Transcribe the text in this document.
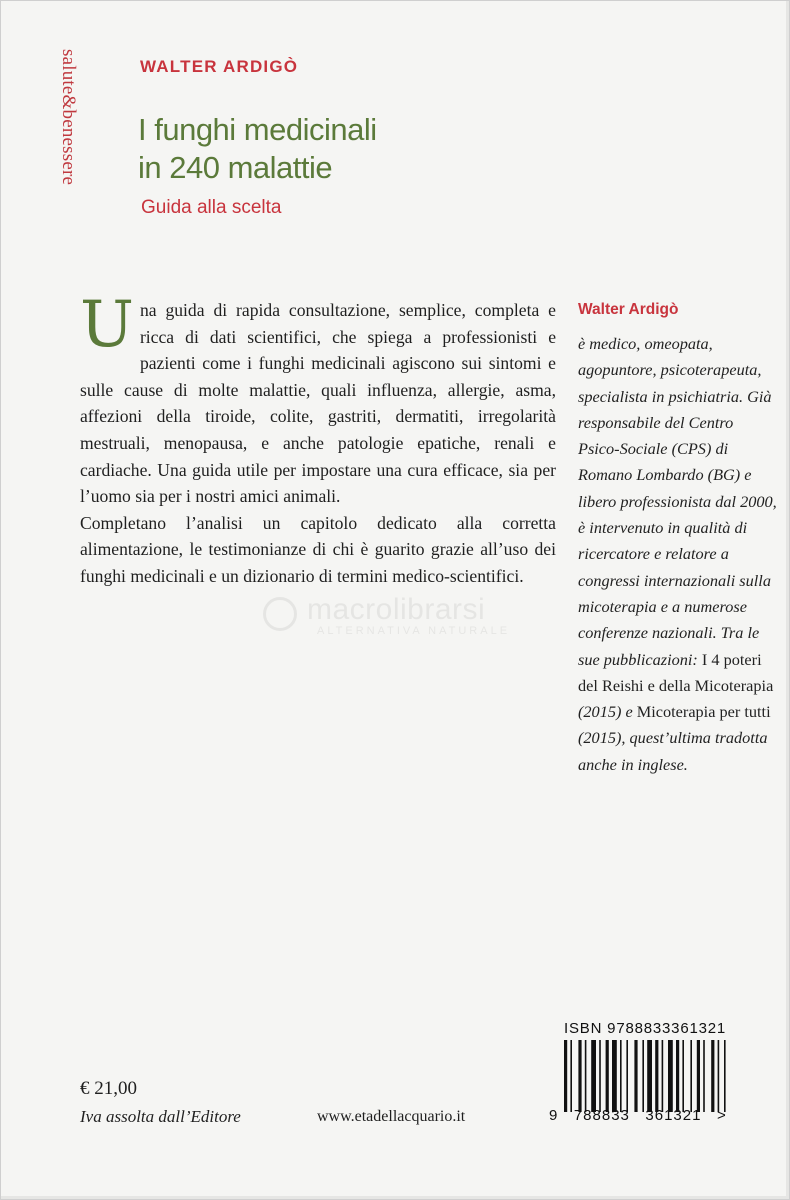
salute&benessere	WALTER ARDIGÒ
I funghi medicinali
in 240 malattie
Guida alla scelta
U na guida di rapida consultazione, semplice, completa e ricca di dati scientifici, che spiega a professionisti e pazienti come i funghi medicinali agiscono sui sintomi e sulle cause di molte malattie, quali influenza, allergie, asma, affezioni della tiroide, colite, gastriti, dermatiti, irregolarità mestruali, menopausa, e anche patologie epatiche, renali e cardiache. Una guida utile per impostare una cura efficace, sia per l’uomo sia per i nostri amici animali.

Completano l’analisi un capitolo dedicato alla corretta alimentazione, le testimonianze di chi è guarito grazie all’uso dei funghi medicinali e un dizionario di termini medico-scientifici.

macrolibrarsi
ALTERNATIVA NATURALE
Walter Ardigò
è medico, omeopata, agopuntore, psicoterapeuta, specialista in psichiatria. Già responsabile del Centro Psico-Sociale (CPS) di Romano Lombardo (BG) e libero professionista dal 2000, è intervenuto in qualità di ricercatore e relatore a congressi internazionali sulla micoterapia e a numerose conferenze nazionali. Tra le sue pubblicazioni: I 4 poteri del Reishi e della Micoterapia (2015) e Micoterapia per tutti (2015), quest’ultima tradotta anche in inglese.
€ 21,00
Iva assolta dall’Editore	www.etadellacquario.it
ISBN 9788833361321
9   788833   361321   >
